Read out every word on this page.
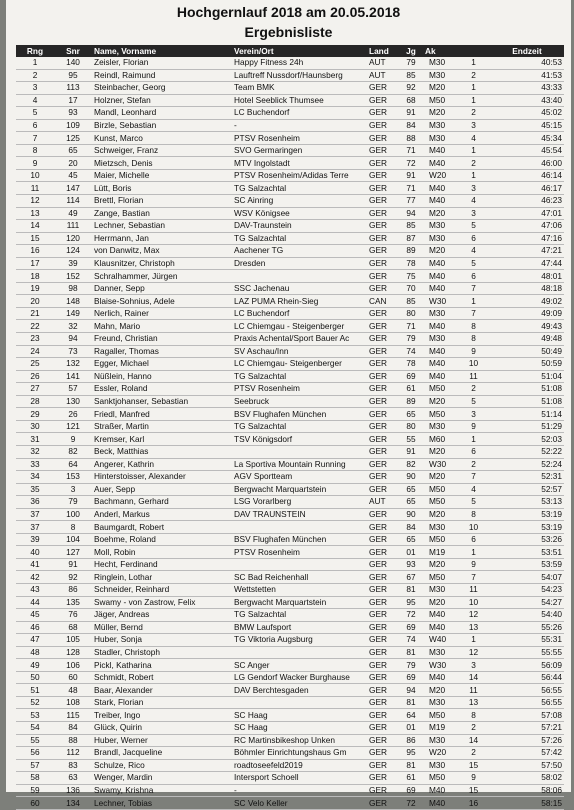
Hochgernlauf 2018 am 20.05.2018
Ergebnisliste
Rng	Snr	Name, Vorname	Verein/Ort	Land	Jg	Ak		Endzeit
1	140	Zeisler, Florian	Happy Fitness 24h	AUT	79	M30	1	40:53
2	95	Reindl, Raimund	Lauftreff Nussdorf/Haunsberg	AUT	85	M30	2	41:53
3	113	Steinbacher, Georg	Team BMK	GER	92	M20	1	43:33
4	17	Holzner, Stefan	Hotel Seeblick Thumsee	GER	68	M50	1	43:40
5	93	Mandl, Leonhard	LC Buchendorf	GER	91	M20	2	45:02
6	109	Birzle, Sebastian	-	GER	84	M30	3	45:15
7	125	Kunst, Marco	PTSV Rosenheim	GER	88	M30	4	45:34
8	65	Schweiger, Franz	SVO Germaringen	GER	71	M40	1	45:54
9	20	Mietzsch, Denis	MTV Ingolstadt	GER	72	M40	2	46:00
10	45	Maier, Michelle	PTSV Rosenheim/Adidas Terre	GER	91	W20	1	46:14
11	147	Lütt, Boris	TG Salzachtal	GER	71	M40	3	46:17
12	114	Brettl, Florian	SC Ainring	GER	77	M40	4	46:23
13	49	Zange, Bastian	WSV Königsee	GER	94	M20	3	47:01
14	111	Lechner, Sebastian	DAV-Traunstein	GER	85	M30	5	47:06
15	120	Herrmann, Jan	TG Salzachtal	GER	87	M30	6	47:16
16	124	von Danwitz, Max	Aachener TG	GER	89	M20	4	47:21
17	39	Klausnitzer, Christoph	Dresden	GER	78	M40	5	47:44
18	152	Schralhammer, Jürgen		GER	75	M40	6	48:01
19	98	Danner, Sepp	SSC Jachenau	GER	70	M40	7	48:18
20	148	Blaise-Sohnius, Adele	LAZ PUMA Rhein-Sieg	CAN	85	W30	1	49:02
21	149	Nerlich, Rainer	LC Buchendorf	GER	80	M30	7	49:09
22	32	Mahn, Mario	LC Chiemgau - Steigenberger	GER	71	M40	8	49:43
23	94	Freund, Christian	Praxis Achental/Sport Bauer Ac	GER	79	M30	8	49:48
24	73	Ragaller, Thomas	SV Aschau/Inn	GER	74	M40	9	50:49
25	132	Egger, Michael	LC Chiemgau- Steigenberger	GER	78	M40	10	50:59
26	141	Nüßlein, Hanno	TG Salzachtal	GER	69	M40	11	51:04
27	57	Essler, Roland	PTSV Rosenheim	GER	61	M50	2	51:08
28	130	Sanktjohanser, Sebastian	Seebruck	GER	89	M20	5	51:08
29	26	Friedl, Manfred	BSV Flughafen München	GER	65	M50	3	51:14
30	121	Straßer, Martin	TG Salzachtal	GER	80	M30	9	51:29
31	9	Kremser, Karl	TSV Königsdorf	GER	55	M60	1	52:03
32	82	Beck, Matthias		GER	91	M20	6	52:22
33	64	Angerer, Kathrin	La Sportiva Mountain Running	GER	82	W30	2	52:24
34	153	Hinterstoisser, Alexander	AGV Sportteam	GER	90	M20	7	52:31
35	3	Auer, Sepp	Bergwacht Marquartstein	GER	65	M50	4	52:57
36	79	Bachmann, Gerhard	LSG Vorarlberg	AUT	65	M50	5	53:13
37	100	Anderl, Markus	DAV TRAUNSTEIN	GER	90	M20	8	53:19
37	8	Baumgardt, Robert		GER	84	M30	10	53:19
39	104	Boehme, Roland	BSV Flughafen München	GER	65	M50	6	53:26
40	127	Moll, Robin	PTSV Rosenheim	GER	01	M19	1	53:51
41	91	Hecht, Ferdinand		GER	93	M20	9	53:59
42	92	Ringlein, Lothar	SC Bad Reichenhall	GER	67	M50	7	54:07
43	86	Schneider, Reinhard	Wettstetten	GER	81	M30	11	54:23
44	135	Swamy - von Zastrow, Felix	Bergwacht Marquartstein	GER	95	M20	10	54:27
45	76	Jäger, Andreas	TG Salzachtal	GER	72	M40	12	54:40
46	68	Müller, Bernd	BMW Laufsport	GER	69	M40	13	55:26
47	105	Huber, Sonja	TG Viktoria Augsburg	GER	74	W40	1	55:31
48	128	Stadler, Christoph		GER	81	M30	12	55:55
49	106	Pickl, Katharina	SC Anger	GER	79	W30	3	56:09
50	60	Schmidt, Robert	LG Gendorf Wacker Burghause	GER	69	M40	14	56:44
51	48	Baar, Alexander	DAV Berchtesgaden	GER	94	M20	11	56:55
52	108	Stark, Florian		GER	81	M30	13	56:55
53	115	Treiber, Ingo	SC Haag	GER	64	M50	8	57:08
54	84	Glück, Quirin	SC Haag	GER	01	M19	2	57:21
55	88	Huber, Werner	RC Martinsbikeshop Unken	GER	86	M30	14	57:26
56	112	Brandl, Jacqueline	Böhmler Einrichtungshaus Gm	GER	95	W20	2	57:42
57	83	Schulze, Rico	roadtoseefeld2019	GER	81	M30	15	57:50
58	63	Wenger, Mardin	Intersport Schoell	GER	61	M50	9	58:02
59	136	Swamy, Krishna	-	GER	69	M40	15	58:06
60	134	Lechner, Tobias	SC Velo Keller	GER	72	M40	16	58:15
